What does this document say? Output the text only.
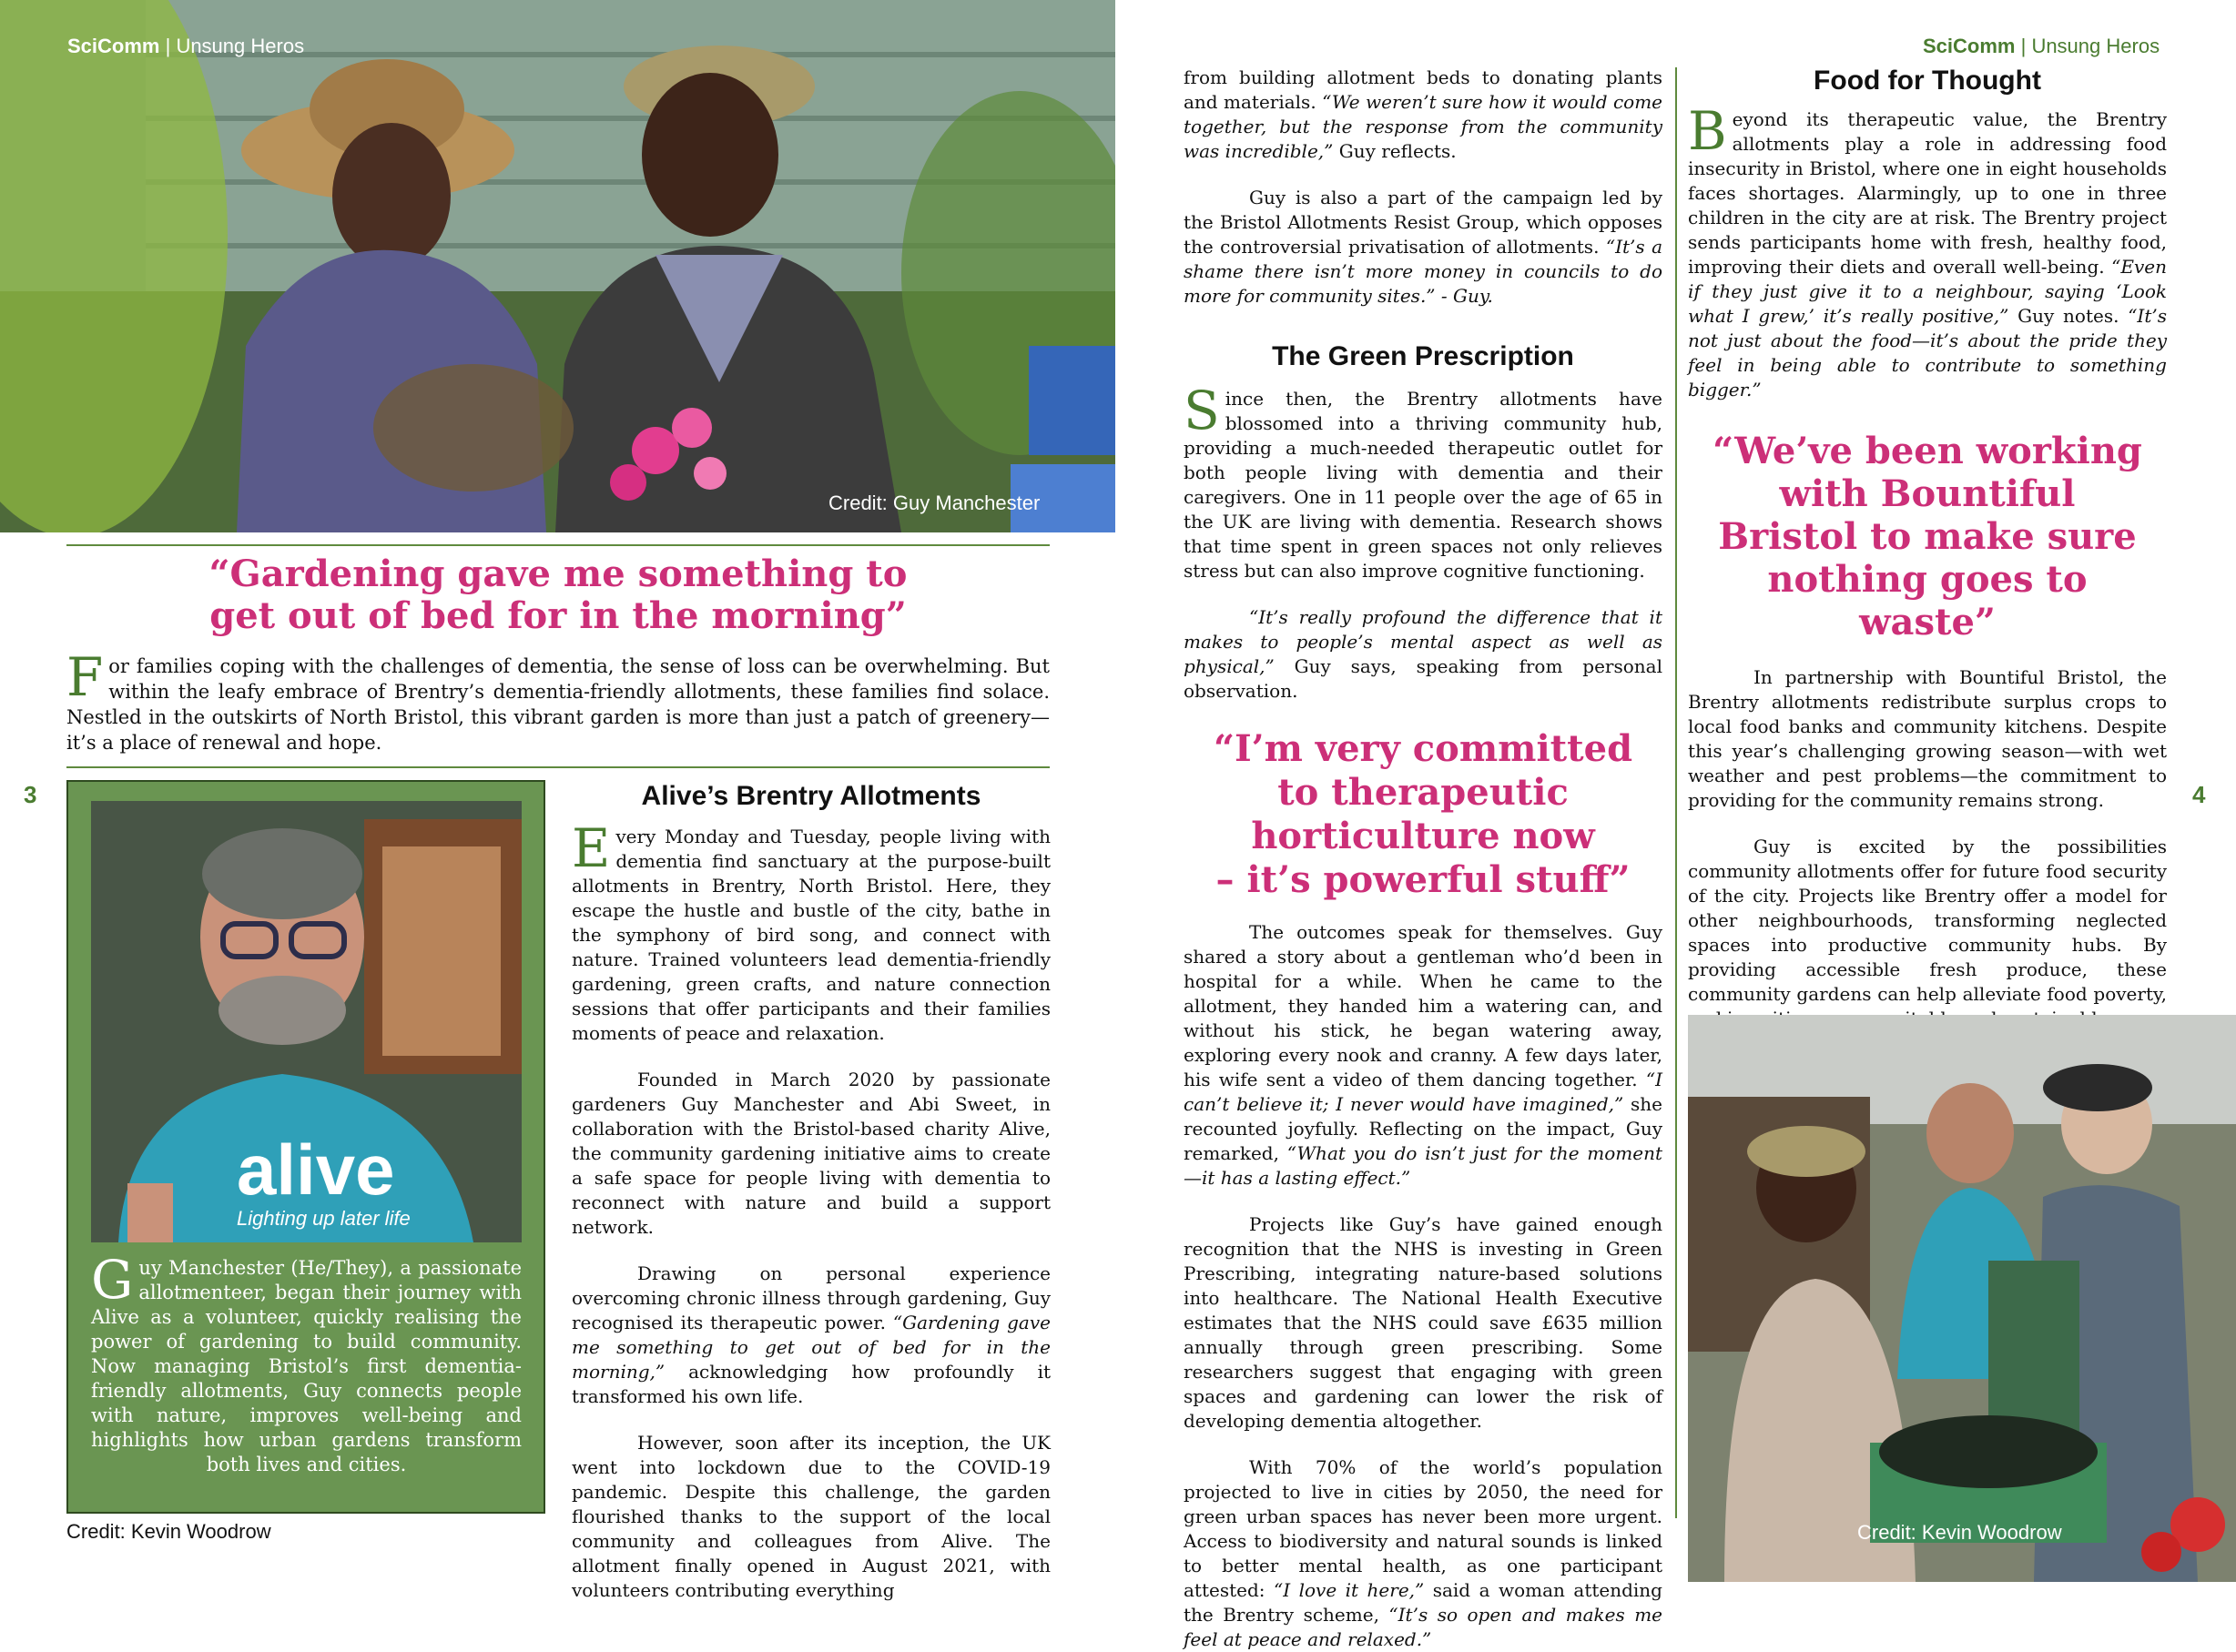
SciComm | Unsung Heros
Credit: Guy Manchester
SciComm | Unsung Heros
“Gardening gave me something to
get out of bed for in the morning”
For families coping with the challenges of dementia, the sense of loss can be overwhelming. But within the leafy embrace of Brentry’s dementia-friendly allotments, these families find solace. Nestled in the outskirts of North Bristol, this vibrant garden is more than just a patch of greenery—it’s a place of renewal and hope.
3	4
alive
Lighting up later life
Guy Manchester (He/They), a passionate allotmenteer, began their journey with Alive as a volunteer, quickly realising the power of gardening to build community. Now managing Bristol’s first dementia-friendly allotments, Guy connects people with nature, improves well-being and highlights how urban gardens transform both lives and cities.
Credit: Kevin Woodrow
Alive’s Brentry Allotments

Every Monday and Tuesday, people living with dementia find sanctuary at the purpose-built allotments in Brentry, North Bristol. Here, they escape the hustle and bustle of the city, bathe in the symphony of bird song, and connect with nature. Trained volunteers lead dementia-friendly gardening, green crafts, and nature connection sessions that offer participants and their families moments of peace and relaxation.

Founded in March 2020 by passionate gardeners Guy Manchester and Abi Sweet, in collaboration with the Bristol-based charity Alive, the community gardening initiative aims to create a safe space for people living with dementia to reconnect with nature and build a support network.

Drawing on personal experience overcoming chronic illness through gardening, Guy recognised its therapeutic power. “Gardening gave me something to get out of bed for in the morning,” acknowledging how profoundly it transformed his own life.

However, soon after its inception, the UK went into lockdown due to the COVID-19 pandemic. Despite this challenge, the garden flourished thanks to the support of the local community and colleagues from Alive. The allotment finally opened in August 2021, with volunteers contributing everything

from building allotment beds to donating plants and materials. “We weren’t sure how it would come together, but the response from the community was incredible,” Guy reflects.

Guy is also a part of the campaign led by the Bristol Allotments Resist Group, which opposes the controversial privatisation of allotments. “It’s a shame there isn’t more money in councils to do more for community sites.” - Guy.

The Green Prescription

Since then, the Brentry allotments have blossomed into a thriving community hub, providing a much-needed therapeutic outlet for both people living with dementia and their caregivers. One in 11 people over the age of 65 in the UK are living with dementia. Research shows that time spent in green spaces not only relieves stress but can also improve cognitive functioning.

“It’s really profound the difference that it makes to people’s mental aspect as well as physical,” Guy says, speaking from personal observation.

“I’m very committed
to therapeutic
horticulture now
– it’s powerful stuff”

The outcomes speak for themselves. Guy shared a story about a gentleman who’d been in hospital for a while. When he came to the allotment, they handed him a watering can, and without his stick, he began watering away, exploring every nook and cranny. A few days later, his wife sent a video of them dancing together. “I can’t believe it; I never would have imagined,” she recounted joyfully. Reflecting on the impact, Guy remarked, “What you do isn’t just for the moment—it has a lasting effect.”

Projects like Guy’s have gained enough recognition that the NHS is investing in Green Prescribing, integrating nature-based solutions into healthcare. The National Health Executive estimates that the NHS could save £635 million annually through green prescribing. Some researchers suggest that engaging with green spaces and gardening can lower the risk of developing dementia altogether.

With 70% of the world’s population projected to live in cities by 2050, the need for green urban spaces has never been more urgent. Access to biodiversity and natural sounds is linked to better mental health, as one participant attested: “I love it here,” said a woman attending the Brentry scheme, “It’s so open and makes me feel at peace and relaxed.”

Food for Thought

Beyond its therapeutic value, the Brentry allotments play a role in addressing food insecurity in Bristol, where one in eight households faces shortages. Alarmingly, up to one in three children in the city are at risk. The Brentry project sends participants home with fresh, healthy food, improving their diets and overall well-being. “Even if they just give it to a neighbour, saying ‘Look what I grew,’ it’s really positive,” Guy notes. “It’s not just about the food—it’s about the pride they feel in being able to contribute to something bigger.”

“We’ve been working
with Bountiful
Bristol to make sure
nothing goes to
waste”

In partnership with Bountiful Bristol, the Brentry allotments redistribute surplus crops to local food banks and community kitchens. Despite this year’s challenging growing season—with wet weather and pest problems—the commitment to providing for the community remains strong.

Guy is excited by the possibilities community allotments offer for future food security of the city. Projects like Brentry offer a model for other neighbourhoods, transforming neglected spaces into productive community hubs. By providing accessible fresh produce, these community gardens can help alleviate food poverty,

Credit: Kevin Woodrow
